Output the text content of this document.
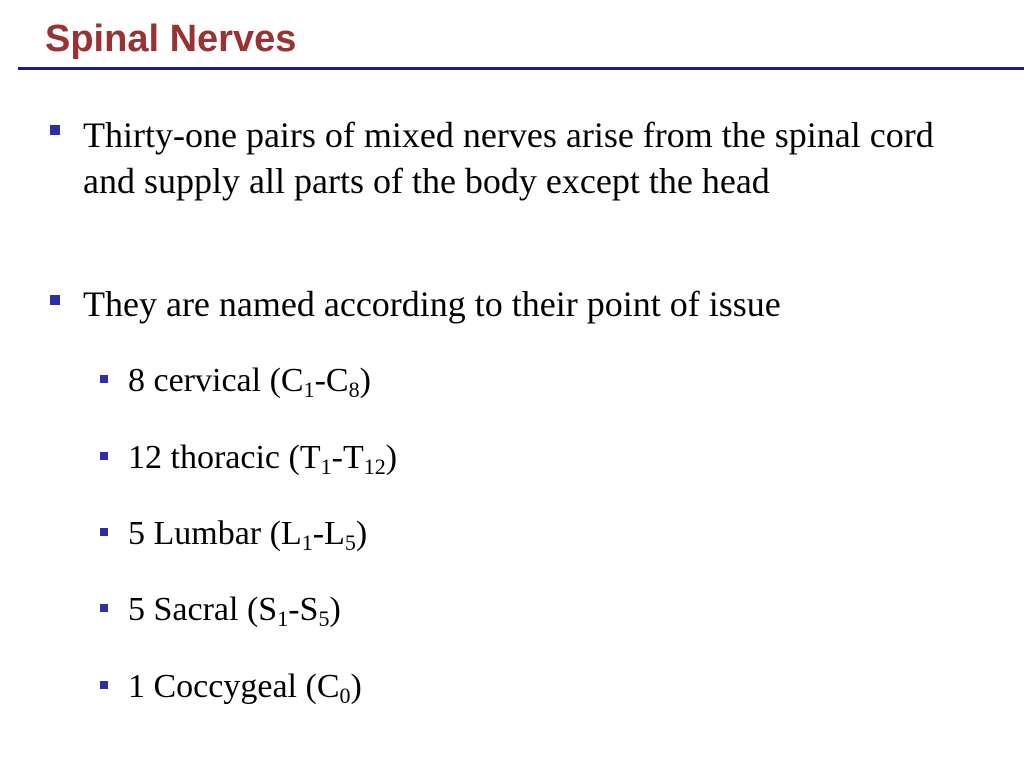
Spinal Nerves
Thirty-one pairs of mixed nerves arise from the spinal cord and supply all parts of the body except the head
They are named according to their point of issue
8 cervical $(C_1-C_8)$
12 thoracic $(T_1-T_{12})$
5 Lumbar $(L_1-L_5)$
5 Sacral $(S_1-S_5)$
1 Coccygeal $(C_0)$
